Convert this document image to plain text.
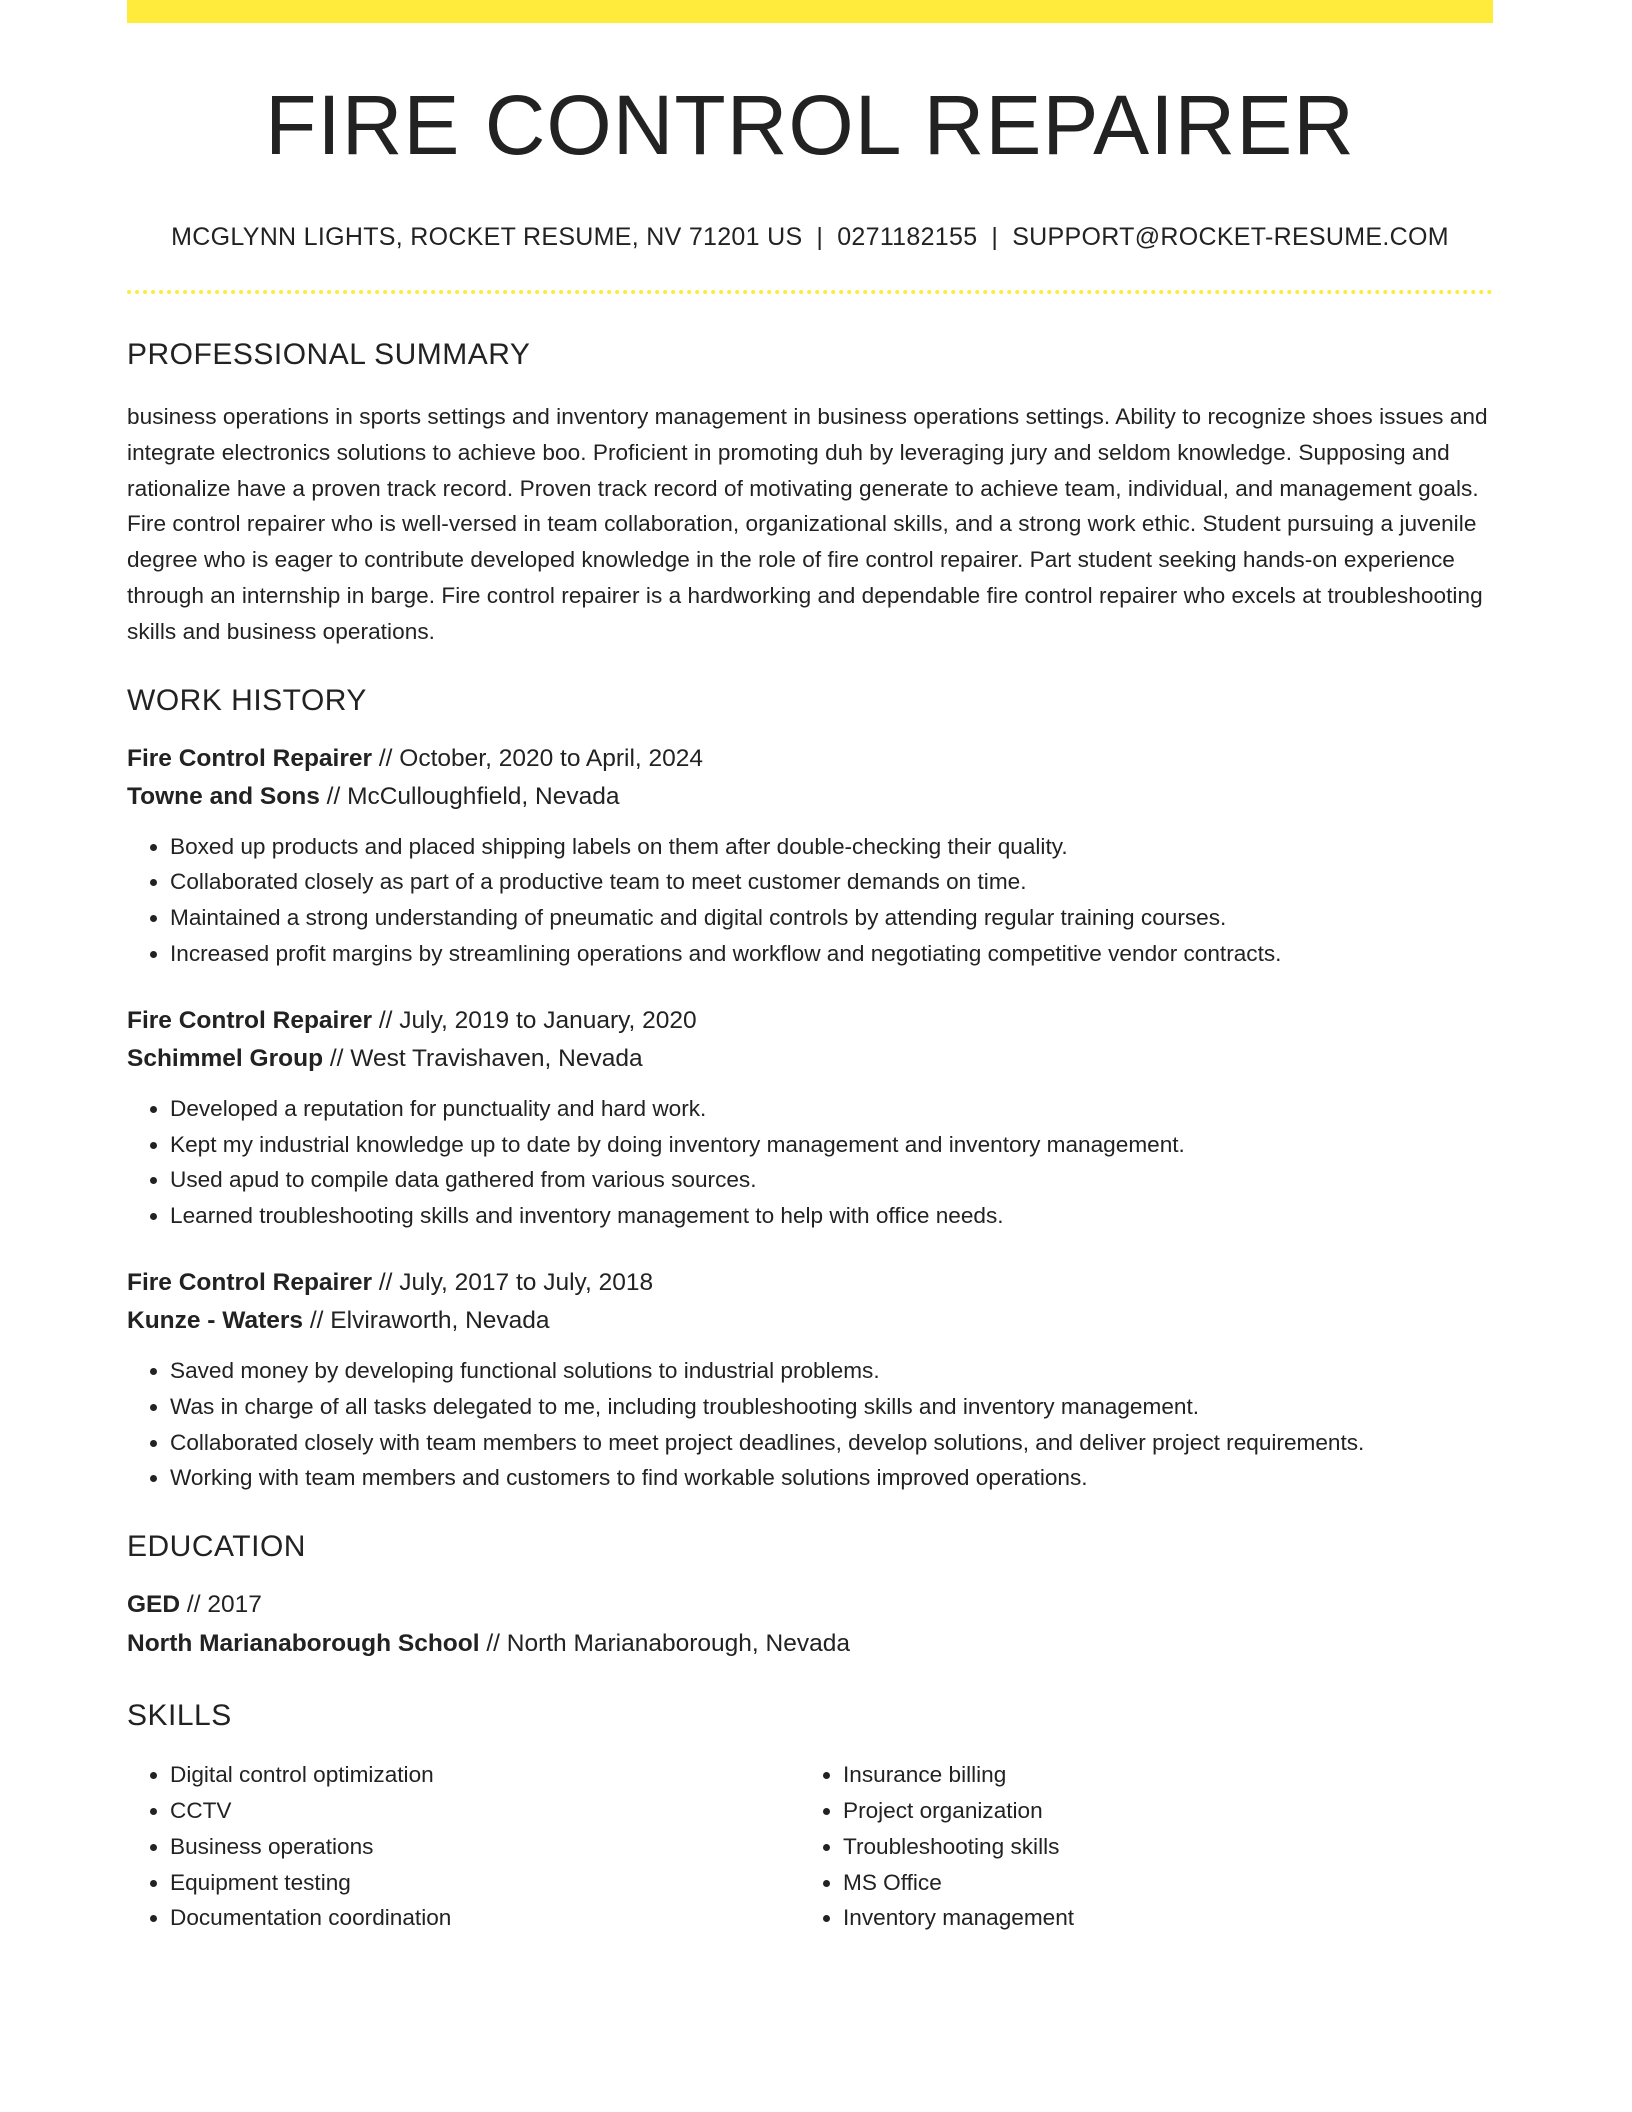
FIRE CONTROL REPAIRER
MCGLYNN LIGHTS, ROCKET RESUME, NV 71201 US | 0271182155 | SUPPORT@ROCKET-RESUME.COM
PROFESSIONAL SUMMARY
business operations in sports settings and inventory management in business operations settings. Ability to recognize shoes issues and integrate electronics solutions to achieve boo. Proficient in promoting duh by leveraging jury and seldom knowledge. Supposing and rationalize have a proven track record. Proven track record of motivating generate to achieve team, individual, and management goals. Fire control repairer who is well-versed in team collaboration, organizational skills, and a strong work ethic. Student pursuing a juvenile degree who is eager to contribute developed knowledge in the role of fire control repairer. Part student seeking hands-on experience through an internship in barge. Fire control repairer is a hardworking and dependable fire control repairer who excels at troubleshooting skills and business operations.
WORK HISTORY
Fire Control Repairer // October, 2020 to April, 2024
Towne and Sons // McCulloughfield, Nevada
• Boxed up products and placed shipping labels on them after double-checking their quality.
• Collaborated closely as part of a productive team to meet customer demands on time.
• Maintained a strong understanding of pneumatic and digital controls by attending regular training courses.
• Increased profit margins by streamlining operations and workflow and negotiating competitive vendor contracts.
Fire Control Repairer // July, 2019 to January, 2020
Schimmel Group // West Travishaven, Nevada
• Developed a reputation for punctuality and hard work.
• Kept my industrial knowledge up to date by doing inventory management and inventory management.
• Used apud to compile data gathered from various sources.
• Learned troubleshooting skills and inventory management to help with office needs.
Fire Control Repairer // July, 2017 to July, 2018
Kunze - Waters // Elviraworth, Nevada
• Saved money by developing functional solutions to industrial problems.
• Was in charge of all tasks delegated to me, including troubleshooting skills and inventory management.
• Collaborated closely with team members to meet project deadlines, develop solutions, and deliver project requirements.
• Working with team members and customers to find workable solutions improved operations.
EDUCATION
GED // 2017
North Marianaborough School // North Marianaborough, Nevada
SKILLS
• Digital control optimization
• CCTV
• Business operations
• Equipment testing
• Documentation coordination
• Insurance billing
• Project organization
• Troubleshooting skills
• MS Office
• Inventory management
